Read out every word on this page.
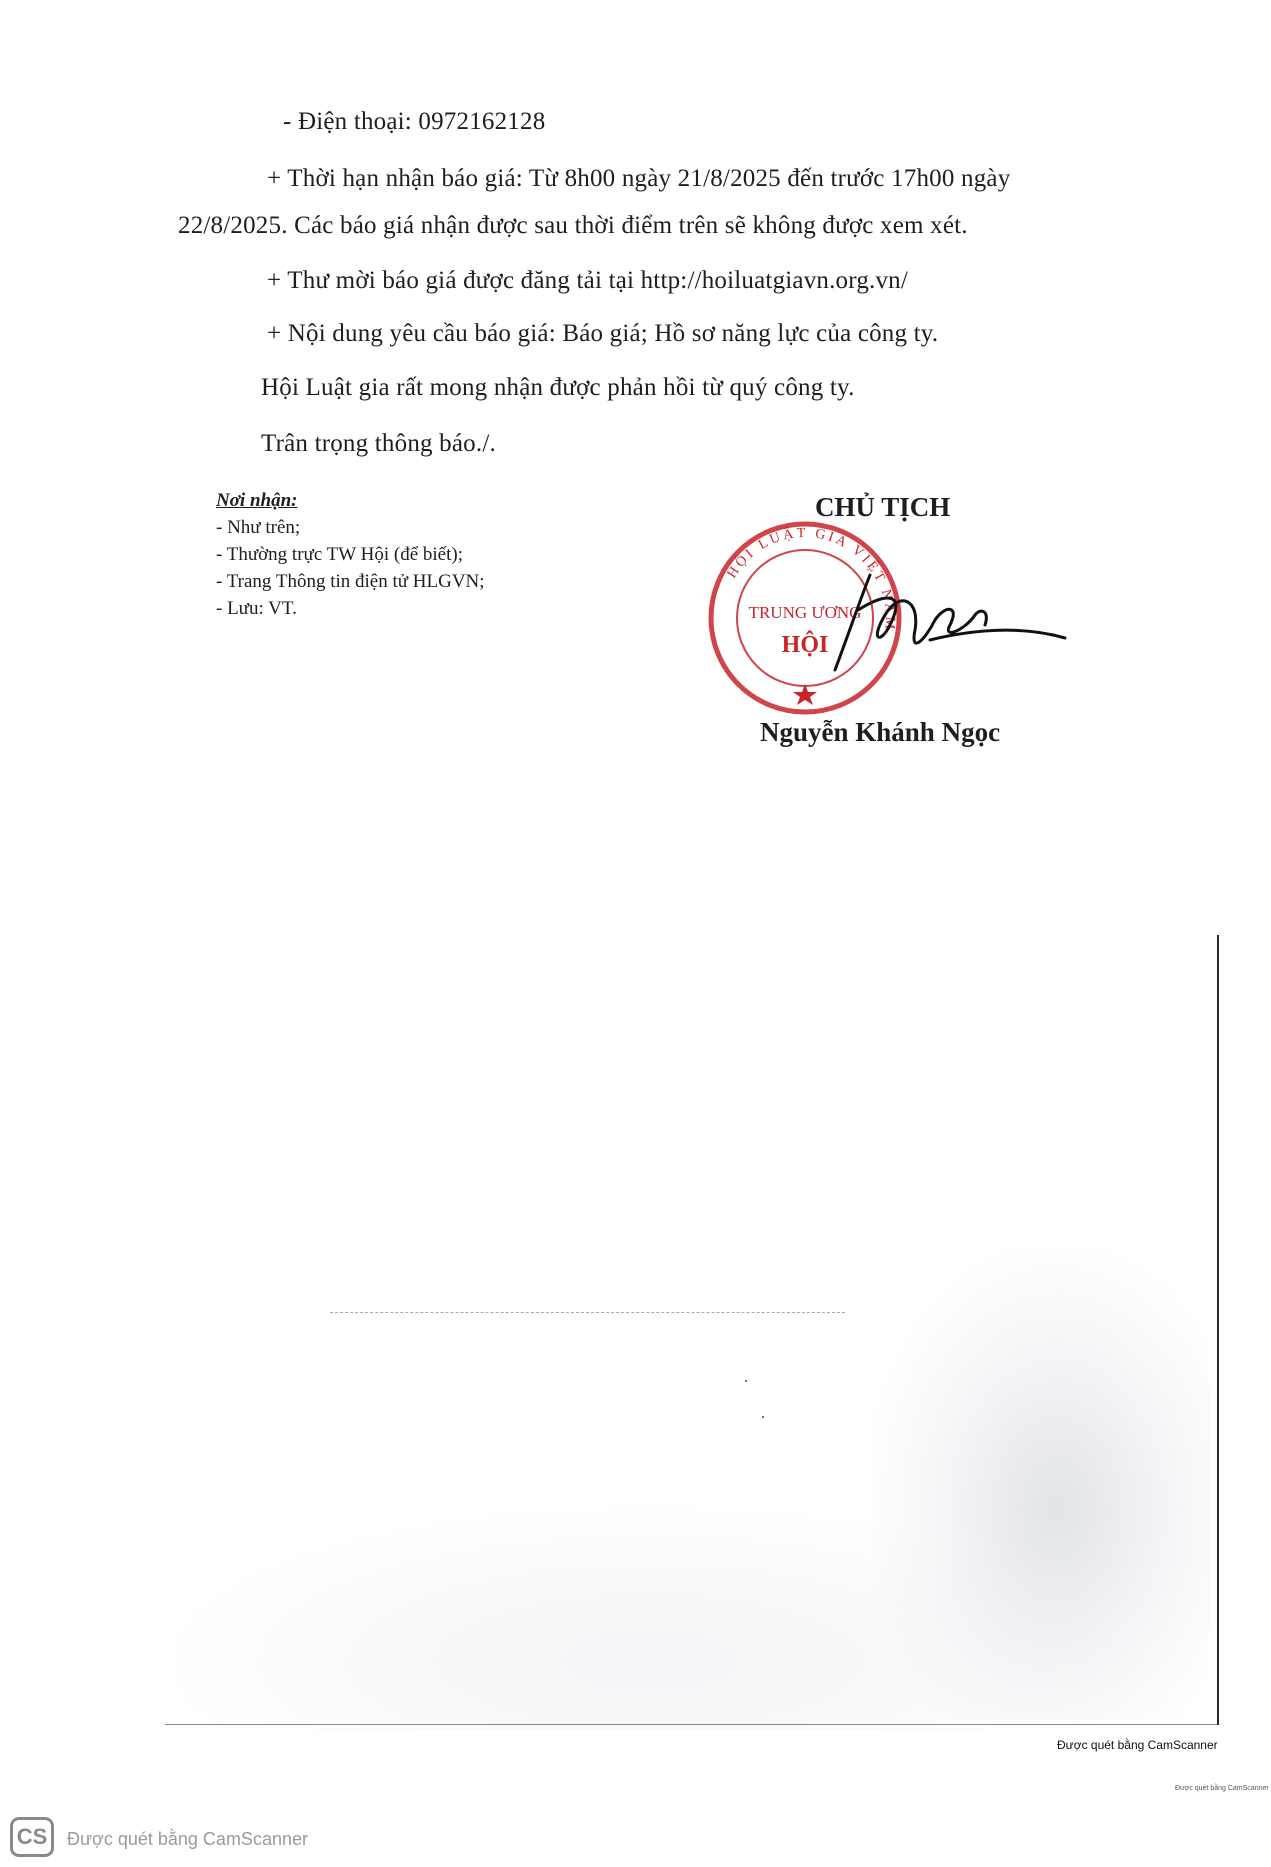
- Điện thoại: 0972162128
+ Thời hạn nhận báo giá: Từ 8h00 ngày 21/8/2025 đến trước 17h00 ngày
22/8/2025. Các báo giá nhận được sau thời điểm trên sẽ không được xem xét.
+ Thư mời báo giá được đăng tải tại http://hoiluatgiavn.org.vn/
+ Nội dung yêu cầu báo giá: Báo giá; Hồ sơ năng lực của công ty.
Hội Luật gia rất mong nhận được phản hồi từ quý công ty.
Trân trọng thông báo./.
Nơi nhận:
- Như trên;
- Thường trực TW Hội (để biết);
- Trang Thông tin điện tử HLGVN;
- Lưu: VT.
HỘI LUẬT GIA VIỆT NAM
TRUNG ƯƠNG
HỘI
CHỦ TỊCH
Nguyễn Khánh Ngọc
Được quét bằng CamScanner
Được quét bằng CamScanner
CS	Được quét bằng CamScanner
